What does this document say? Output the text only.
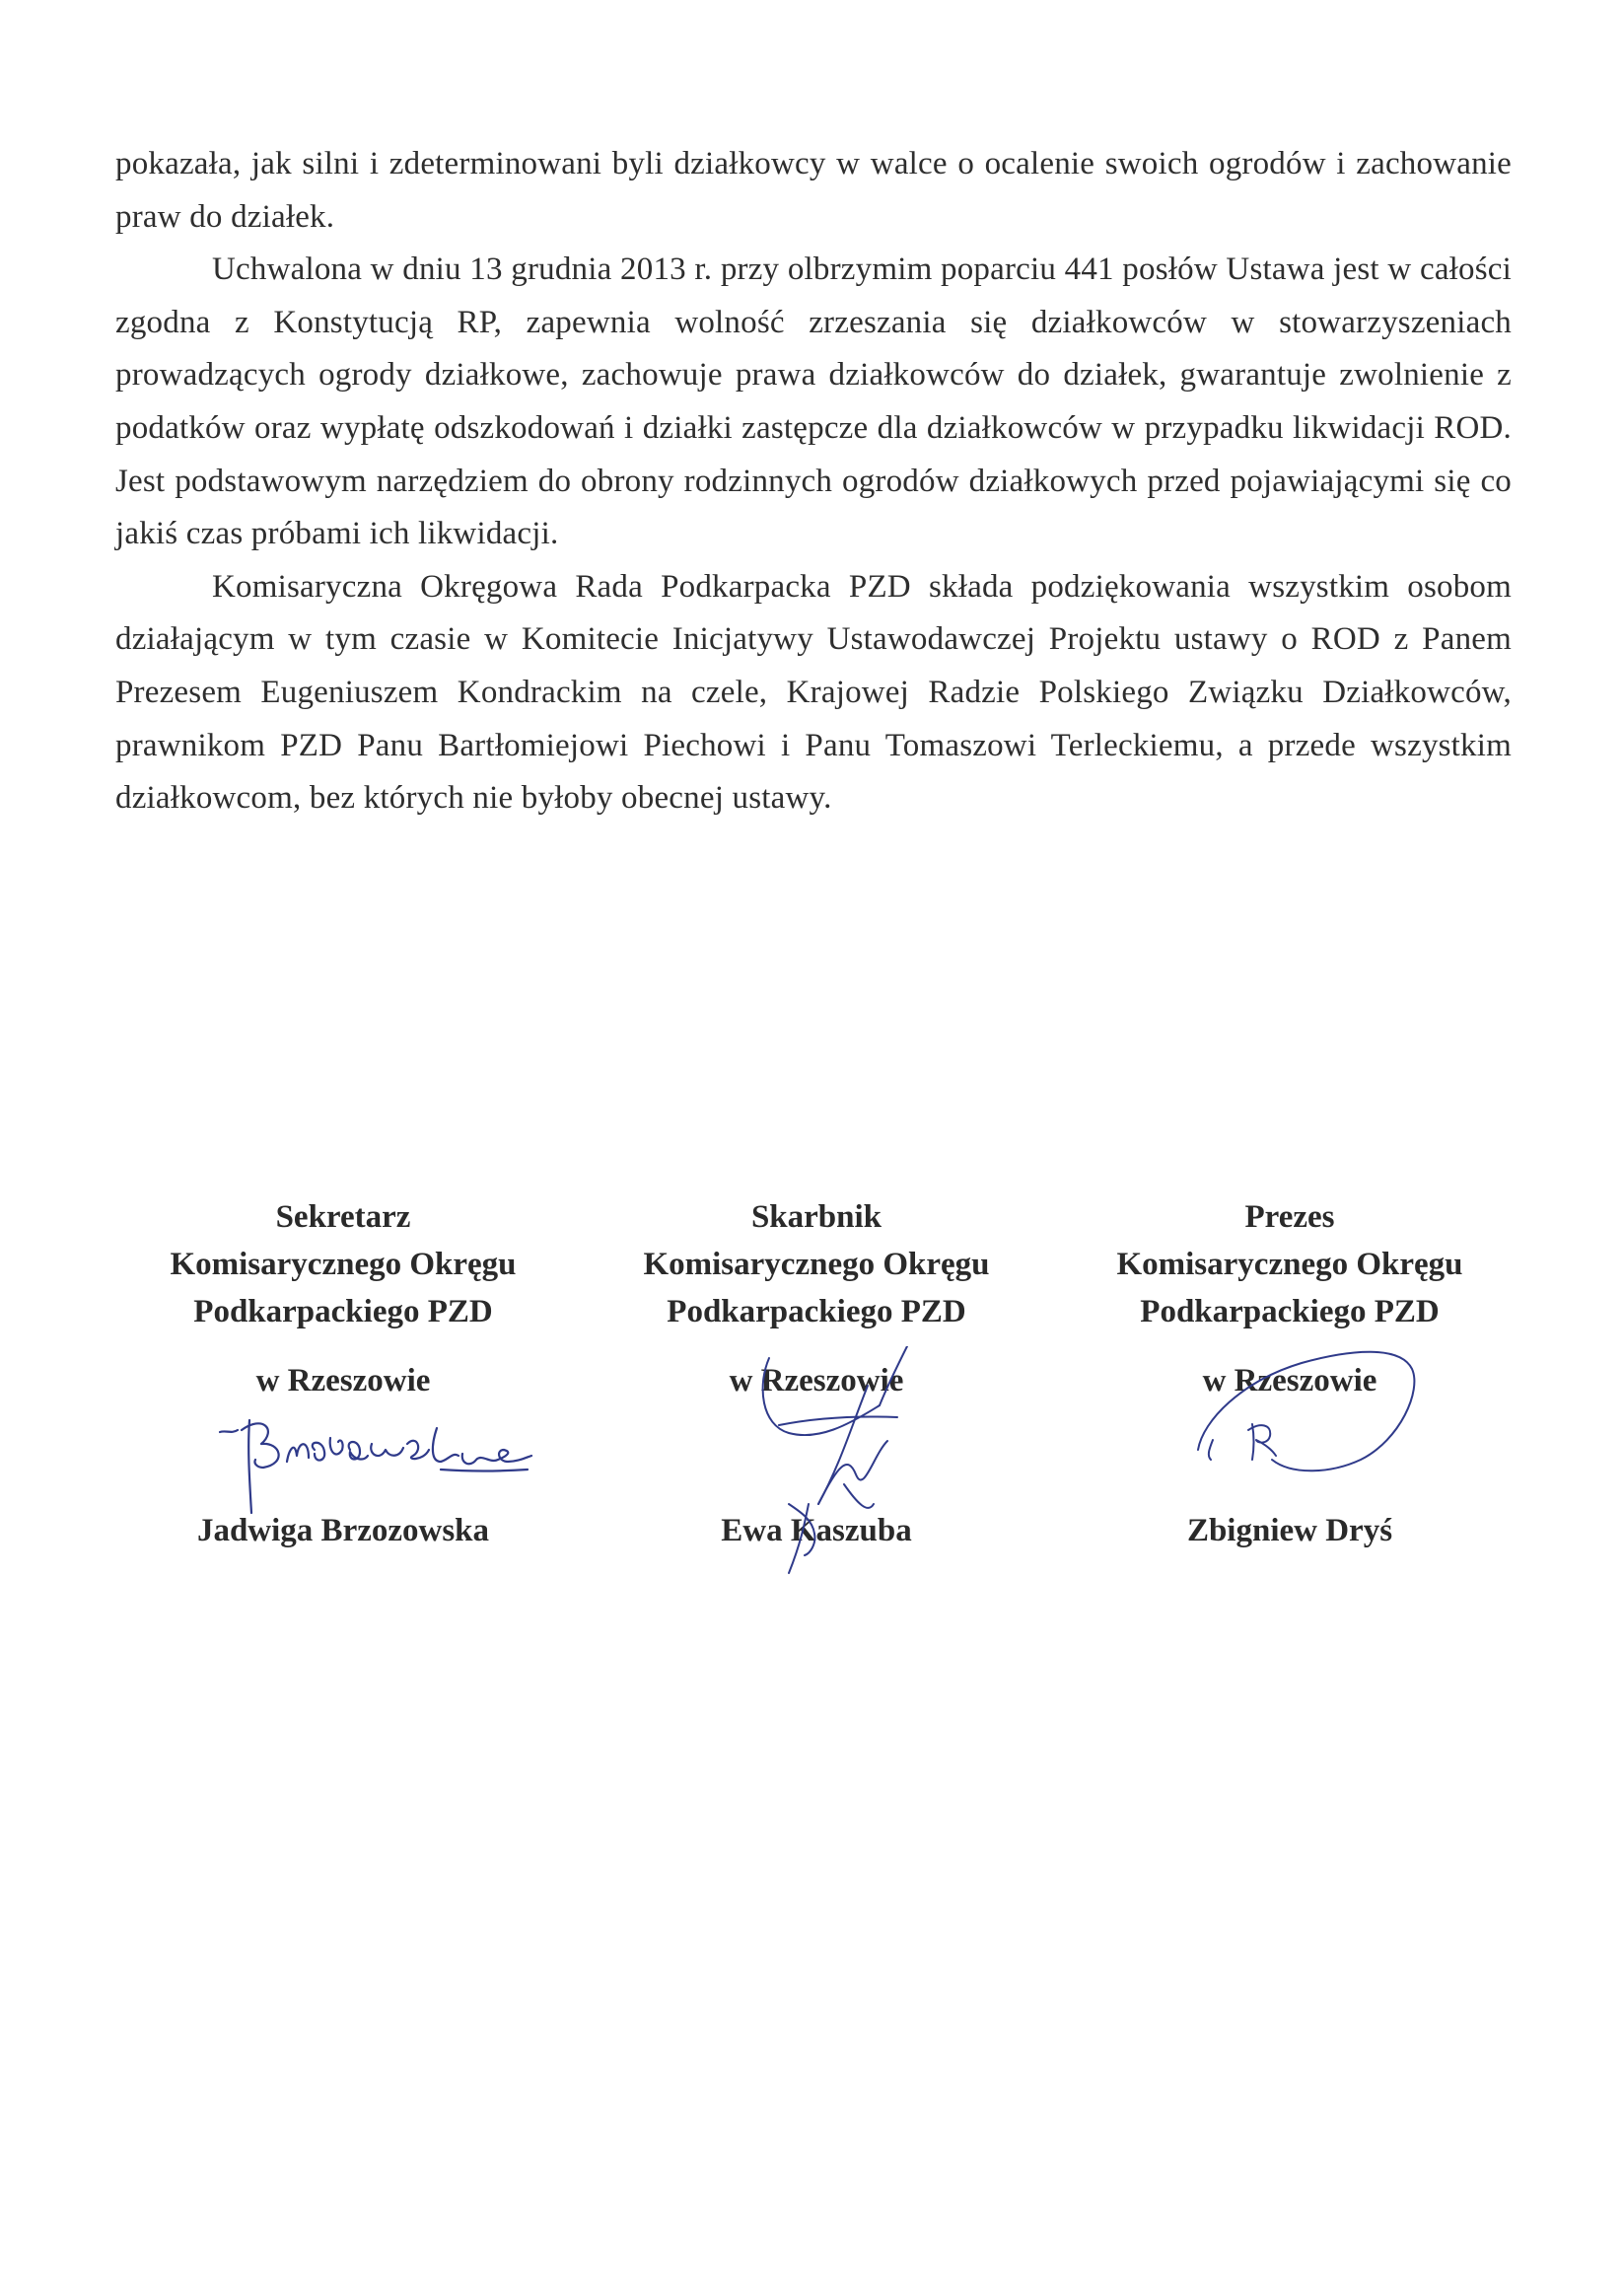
pokazała, jak silni i zdeterminowani byli działkowcy w walce o ocalenie swoich ogrodów i zachowanie praw do działek.

Uchwalona w dniu 13 grudnia 2013 r. przy olbrzymim poparciu 441 posłów Ustawa jest w całości zgodna z Konstytucją RP, zapewnia wolność zrzeszania się działkowców w stowarzyszeniach prowadzących ogrody działkowe, zachowuje prawa działkowców do działek, gwarantuje zwolnienie z podatków oraz wypłatę odszkodowań i działki zastępcze dla działkowców w przypadku likwidacji ROD. Jest podstawowym narzędziem do obrony rodzinnych ogrodów działkowych przed pojawiającymi się co jakiś czas próbami ich likwidacji.

Komisaryczna Okręgowa Rada Podkarpacka PZD składa podziękowania wszystkim osobom działającym w tym czasie w Komitecie Inicjatywy Ustawodawczej Projektu ustawy o ROD z Panem Prezesem Eugeniuszem Kondrackim na czele, Krajowej Radzie Polskiego Związku Działkowców, prawnikom PZD Panu Bartłomiejowi Piechowi i Panu Tomaszowi Terleckiemu, a przede wszystkim działkowcom, bez których nie byłoby obecnej ustawy.

Sekretarz
Komisarycznego Okręgu
Podkarpackiego PZD
w Rzeszowie
Jadwiga Brzozowska
Skarbnik
Komisarycznego Okręgu
Podkarpackiego PZD
w Rzeszowie
Ewa Kaszuba
Prezes
Komisarycznego Okręgu
Podkarpackiego PZD
w Rzeszowie
Zbigniew Dryś
